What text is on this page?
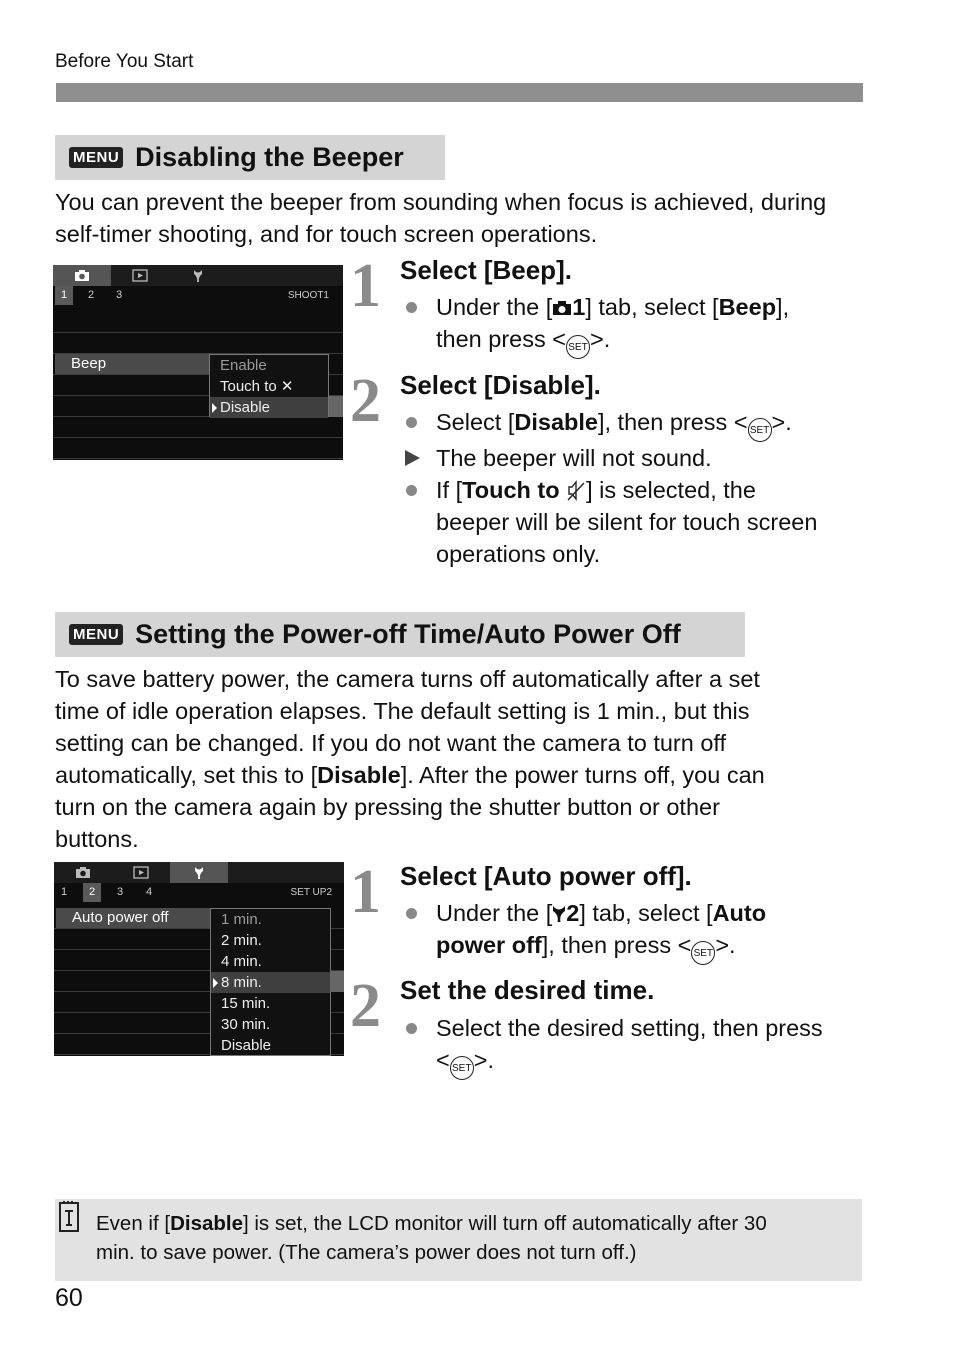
Before You Start
MENU Disabling the Beeper
You can prevent the beeper from sounding when focus is achieved, during self-timer shooting, and for touch screen operations.
1	2	3	SHOOT1
Beep	Enable
Touch to ✕
Disable
1 Select [Beep].
Under the [ 1] tab, select [Beep],
then press < SET>.
2 Select [Disable].
Select [Disable], then press < SET>.
The beeper will not sound.
If [Touch to ] is selected, the
beeper will be silent for touch screen
operations only.
MENU Setting the Power-off Time/Auto Power Off
To save battery power, the camera turns off automatically after a set
time of idle operation elapses. The default setting is 1 min., but this
setting can be changed. If you do not want the camera to turn off
automatically, set this to [Disable]. After the power turns off, you can
turn on the camera again by pressing the shutter button or other
buttons.
1	2	3	4	SET UP2
Auto power off	1 min.
2 min.
4 min.
8 min.
15 min.
30 min.
Disable
1 Select [Auto power off].
Under the [ 2] tab, select [Auto
power off], then press < SET>.
2 Set the desired time.
Select the desired setting, then press
< SET>.
Even if [Disable] is set, the LCD monitor will turn off automatically after 30
min. to save power. (The camera’s power does not turn off.)
60
